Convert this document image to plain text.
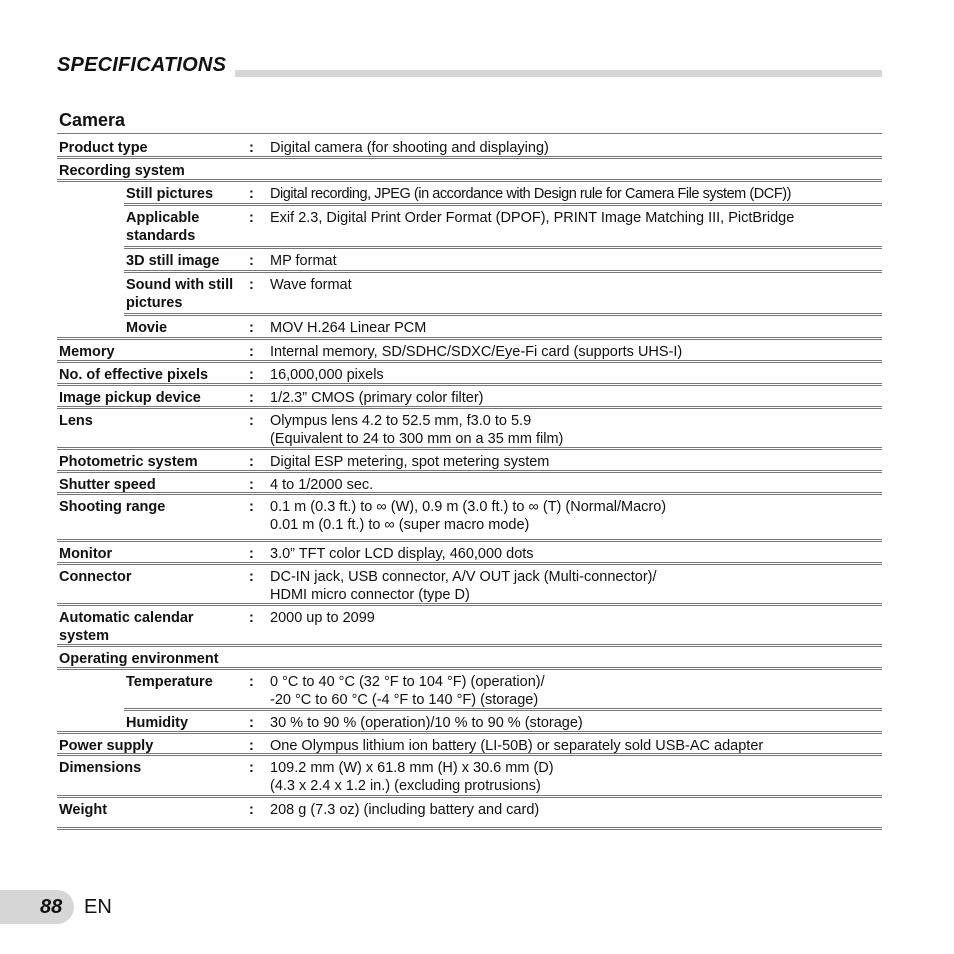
SPECIFICATIONS
Camera
Product type	:	Digital camera (for shooting and displaying)
Recording system
Still pictures	:	Digital recording, JPEG (in accordance with Design rule for Camera File system (DCF))
Applicable standards
:	Exif 2.3, Digital Print Order Format (DPOF), PRINT Image Matching III, PictBridge
3D still image	:	MP format
Sound with still pictures
:	Wave format
Movie	:	MOV H.264 Linear PCM
Memory	:	Internal memory, SD/SDHC/SDXC/Eye-Fi card (supports UHS-I)
No. of effective pixels	:	16,000,000 pixels
Image pickup device	:	1/2.3” CMOS (primary color filter)
Lens	:	Olympus lens 4.2 to 52.5 mm, f3.0 to 5.9
(Equivalent to 24 to 300 mm on a 35 mm film)
Photometric system	:	Digital ESP metering, spot metering system
Shutter speed	:	4 to 1/2000 sec.
Shooting range	:	0.1 m (0.3 ft.) to ∞ (W), 0.9 m (3.0 ft.) to ∞ (T) (Normal/Macro)
0.01 m (0.1 ft.) to ∞ (super macro mode)
Monitor	:	3.0” TFT color LCD display, 460,000 dots
Connector	:	DC-IN jack, USB connector, A/V OUT jack (Multi-connector)/
HDMI micro connector (type D)
Automatic calendar system
:	2000 up to 2099
Operating environment
Temperature	:	0 °C to 40 °C (32 °F to 104 °F) (operation)/
-20 °C to 60 °C (-4 °F to 140 °F) (storage)
Humidity	:	30 % to 90 % (operation)/10 % to 90 % (storage)
Power supply	:	One Olympus lithium ion battery (LI-50B) or separately sold USB-AC adapter
Dimensions	:	109.2 mm (W) x 61.8 mm (H) x 30.6 mm (D)
(4.3 x 2.4 x 1.2 in.) (excluding protrusions)
Weight	:	208 g (7.3 oz) (including battery and card)
88 EN
